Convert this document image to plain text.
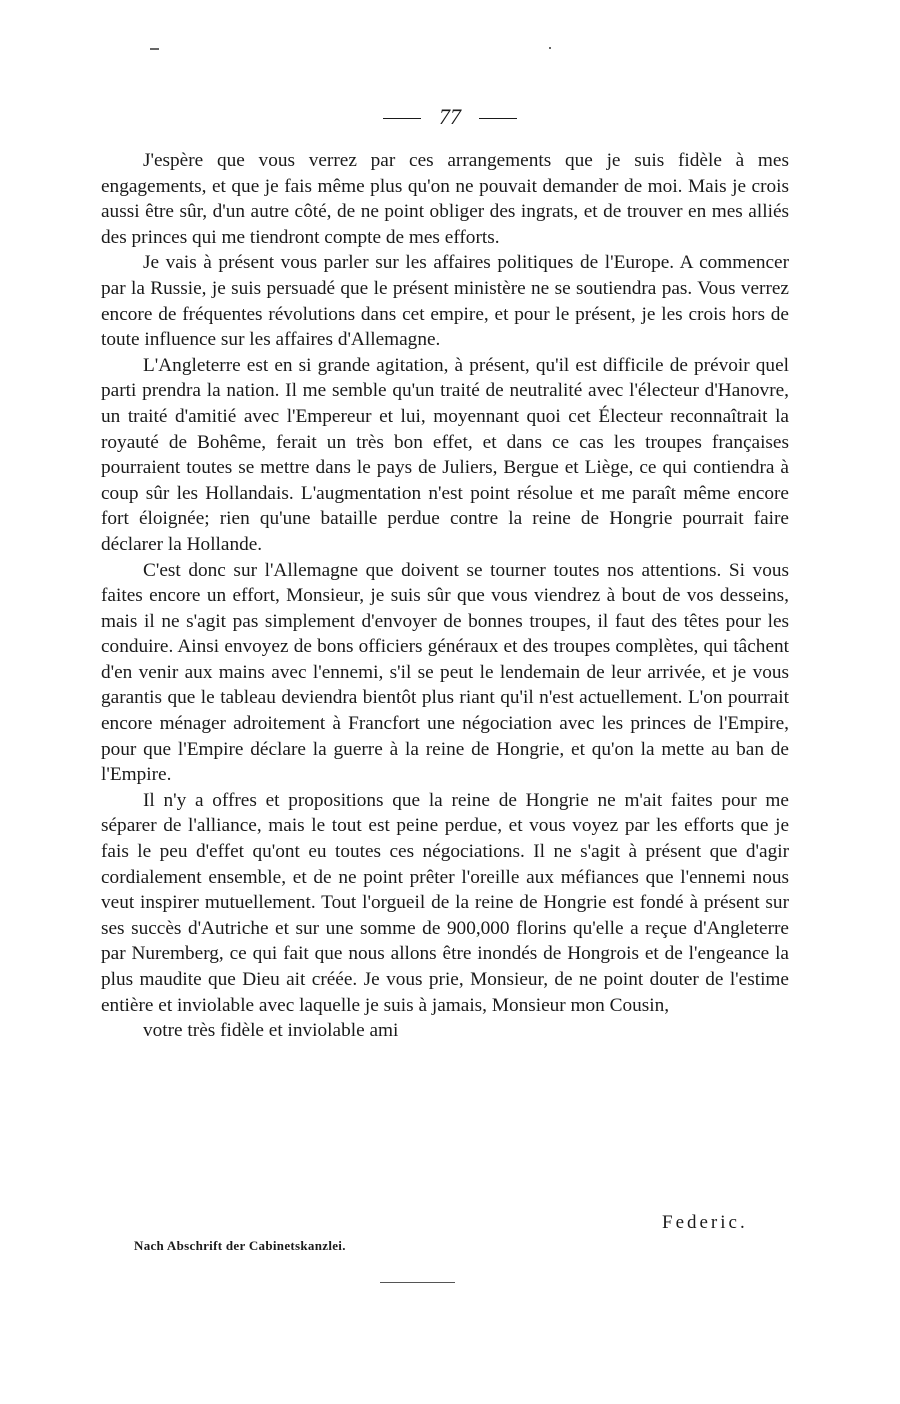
77

J'espère que vous verrez par ces arrangements que je suis fidèle à mes engagements, et que je fais même plus qu'on ne pouvait demander de moi. Mais je crois aussi être sûr, d'un autre côté, de ne point obliger des ingrats, et de trouver en mes alliés des princes qui me tiendront compte de mes efforts.

Je vais à présent vous parler sur les affaires politiques de l'Europe. A commencer par la Russie, je suis persuadé que le présent ministère ne se soutiendra pas. Vous verrez encore de fréquentes révolutions dans cet empire, et pour le présent, je les crois hors de toute influence sur les affaires d'Allemagne.

L'Angleterre est en si grande agitation, à présent, qu'il est difficile de prévoir quel parti prendra la nation. Il me semble qu'un traité de neutralité avec l'électeur d'Hanovre, un traité d'amitié avec l'Empereur et lui, moyennant quoi cet Électeur reconnaîtrait la royauté de Bohême, ferait un très bon effet, et dans ce cas les troupes françaises pourraient toutes se mettre dans le pays de Juliers, Bergue et Liège, ce qui contiendra à coup sûr les Hollandais. L'augmentation n'est point résolue et me paraît même encore fort éloignée; rien qu'une bataille perdue contre la reine de Hongrie pourrait faire déclarer la Hollande.

C'est donc sur l'Allemagne que doivent se tourner toutes nos attentions. Si vous faites encore un effort, Monsieur, je suis sûr que vous viendrez à bout de vos desseins, mais il ne s'agit pas simplement d'envoyer de bonnes troupes, il faut des têtes pour les conduire. Ainsi envoyez de bons officiers généraux et des troupes complètes, qui tâchent d'en venir aux mains avec l'ennemi, s'il se peut le lendemain de leur arrivée, et je vous garantis que le tableau deviendra bientôt plus riant qu'il n'est actuellement. L'on pourrait encore ménager adroitement à Francfort une négociation avec les princes de l'Empire, pour que l'Empire déclare la guerre à la reine de Hongrie, et qu'on la mette au ban de l'Empire.

Il n'y a offres et propositions que la reine de Hongrie ne m'ait faites pour me séparer de l'alliance, mais le tout est peine perdue, et vous voyez par les efforts que je fais le peu d'effet qu'ont eu toutes ces négociations. Il ne s'agit à présent que d'agir cordialement ensemble, et de ne point prêter l'oreille aux méfiances que l'ennemi nous veut inspirer mutuellement. Tout l'orgueil de la reine de Hongrie est fondé à présent sur ses succès d'Autriche et sur une somme de 900,000 florins qu'elle a reçue d'Angleterre par Nuremberg, ce qui fait que nous allons être inondés de Hongrois et de l'engeance la plus maudite que Dieu ait créée. Je vous prie, Monsieur, de ne point douter de l'estime entière et inviolable avec laquelle je suis à jamais, Monsieur mon Cousin,

votre très fidèle et inviolable ami

Federic.
Nach Abschrift der Cabinetskanzlei.
